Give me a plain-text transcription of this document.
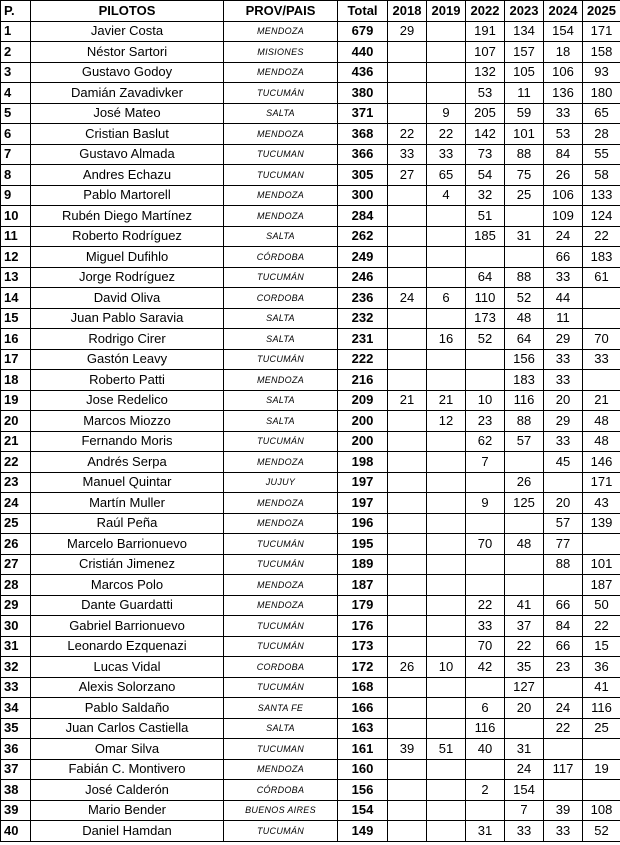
P.	PILOTOS	PROV/PAIS	Total	2018	2019	2022	2023	2024	2025
1	Javier Costa	MENDOZA	679	29		191	134	154	171
2	Néstor Sartori	MISIONES	440			107	157	18	158
3	Gustavo Godoy	MENDOZA	436			132	105	106	93
4	Damián Zavadivker	TUCUMÁN	380			53	11	136	180
5	José Mateo	SALTA	371		9	205	59	33	65
6	Cristian Baslut	MENDOZA	368	22	22	142	101	53	28
7	Gustavo Almada	TUCUMAN	366	33	33	73	88	84	55
8	Andres Echazu	TUCUMAN	305	27	65	54	75	26	58
9	Pablo Martorell	MENDOZA	300		4	32	25	106	133
10	Rubén Diego Martínez	MENDOZA	284			51		109	124
11	Roberto Rodríguez	SALTA	262			185	31	24	22
12	Miguel Dufihlo	CÓRDOBA	249					66	183
13	Jorge Rodríguez	TUCUMÁN	246			64	88	33	61
14	David Oliva	CORDOBA	236	24	6	110	52	44	
15	Juan Pablo Saravia	SALTA	232			173	48	11	
16	Rodrigo Cirer	SALTA	231		16	52	64	29	70
17	Gastón Leavy	TUCUMÁN	222				156	33	33
18	Roberto Patti	MENDOZA	216				183	33	
19	Jose Redelico	SALTA	209	21	21	10	116	20	21
20	Marcos Miozzo	SALTA	200		12	23	88	29	48
21	Fernando Moris	TUCUMÁN	200			62	57	33	48
22	Andrés Serpa	MENDOZA	198			7		45	146
23	Manuel Quintar	JUJUY	197				26		171
24	Martín Muller	MENDOZA	197			9	125	20	43
25	Raúl Peña	MENDOZA	196					57	139
26	Marcelo Barrionuevo	TUCUMÁN	195			70	48	77	
27	Cristián Jimenez	TUCUMÁN	189					88	101
28	Marcos Polo	MENDOZA	187						187
29	Dante Guardatti	MENDOZA	179			22	41	66	50
30	Gabriel Barrionuevo	TUCUMÁN	176			33	37	84	22
31	Leonardo Ezquenazi	TUCUMÁN	173			70	22	66	15
32	Lucas Vidal	CORDOBA	172	26	10	42	35	23	36
33	Alexis Solorzano	TUCUMÁN	168				127		41
34	Pablo Saldaño	SANTA FE	166			6	20	24	116
35	Juan Carlos Castiella	SALTA	163			116		22	25
36	Omar Silva	TUCUMAN	161	39	51	40	31		
37	Fabián C. Montivero	MENDOZA	160				24	117	19
38	José Calderón	CÓRDOBA	156			2	154		
39	Mario Bender	BUENOS AIRES	154				7	39	108
40	Daniel Hamdan	TUCUMÁN	149			31	33	33	52
